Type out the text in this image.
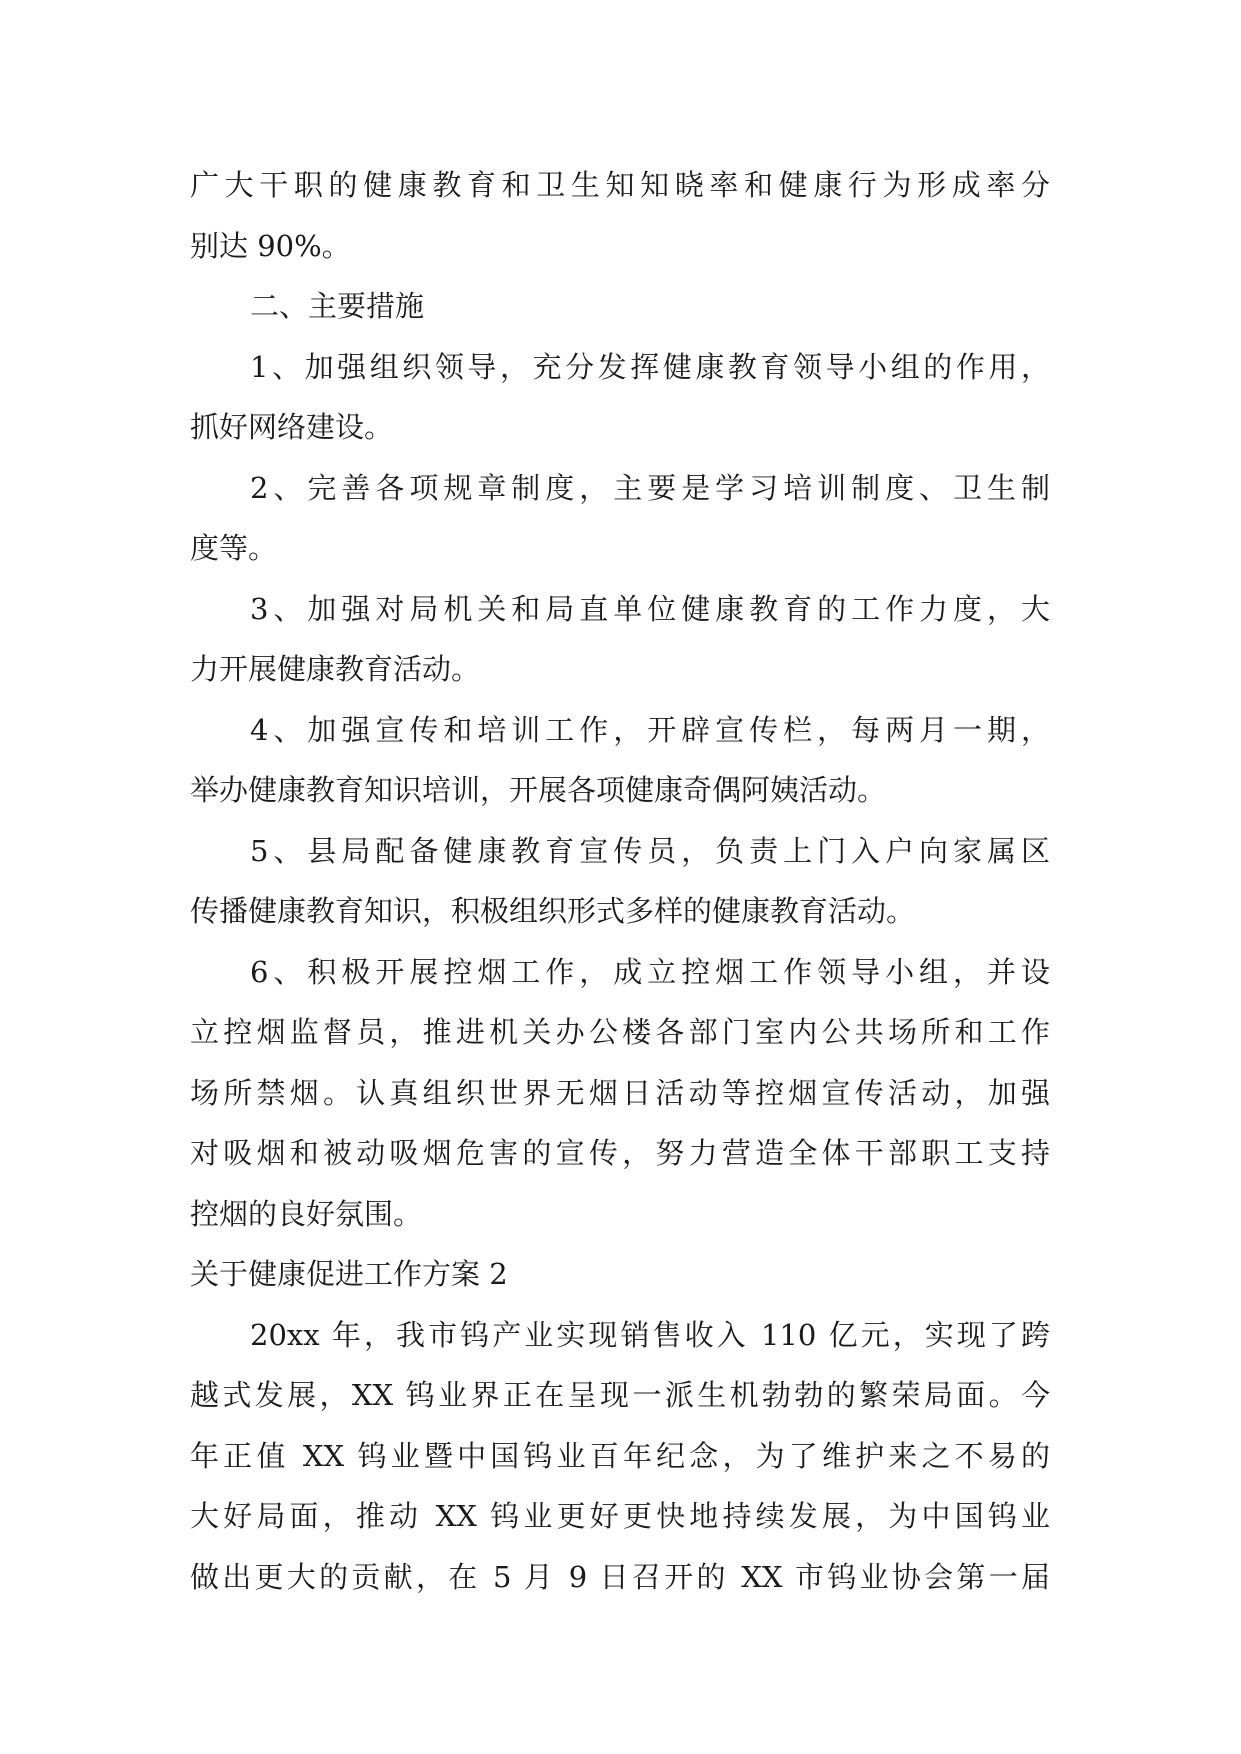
广大干职的健康教育和卫生知知晓率和健康行为形成率分
别达 90%。
二、主要措施
1、加强组织领导，充分发挥健康教育领导小组的作用，
抓好网络建设。
2、完善各项规章制度，主要是学习培训制度、卫生制
度等。
3、加强对局机关和局直单位健康教育的工作力度，大
力开展健康教育活动。
4、加强宣传和培训工作，开辟宣传栏，每两月一期，
举办健康教育知识培训，开展各项健康奇偶阿姨活动。
5、县局配备健康教育宣传员，负责上门入户向家属区
传播健康教育知识，积极组织形式多样的健康教育活动。
6、积极开展控烟工作，成立控烟工作领导小组，并设
立控烟监督员，推进机关办公楼各部门室内公共场所和工作
场所禁烟。认真组织世界无烟日活动等控烟宣传活动，加强
对吸烟和被动吸烟危害的宣传，努力营造全体干部职工支持
控烟的良好氛围。
关于健康促进工作方案 2
20xx 年，我市钨产业实现销售收入 110 亿元，实现了跨
越式发展，XX 钨业界正在呈现一派生机勃勃的繁荣局面。今
年正值 XX 钨业暨中国钨业百年纪念，为了维护来之不易的
大好局面，推动 XX 钨业更好更快地持续发展，为中国钨业
做出更大的贡献，在 5 月 9 日召开的 XX 市钨业协会第一届
